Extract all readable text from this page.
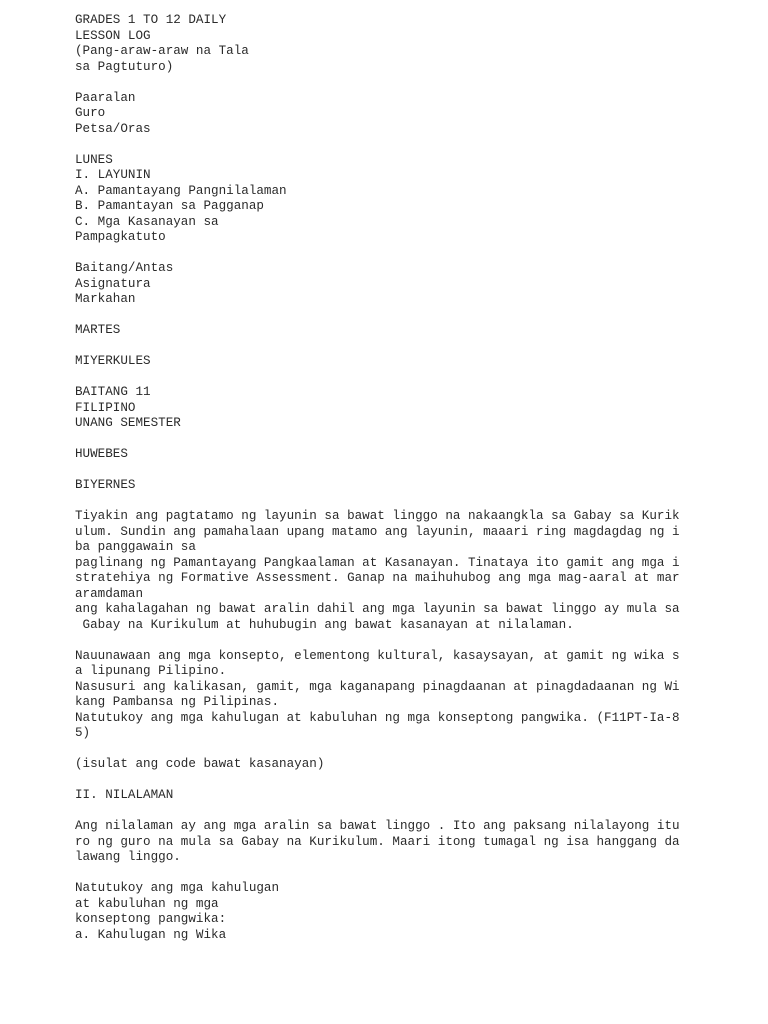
GRADES 1 TO 12 DAILY
LESSON LOG
(Pang-araw-araw na Tala
sa Pagtuturo)
Paaralan
Guro
Petsa/Oras
LUNES
I. LAYUNIN
A. Pamantayang Pangnilalaman
B. Pamantayan sa Pagganap
C. Mga Kasanayan sa
Pampagkatuto
Baitang/Antas
Asignatura
Markahan
MARTES
MIYERKULES
BAITANG 11
FILIPINO
UNANG SEMESTER
HUWEBES
BIYERNES
Tiyakin ang pagtatamo ng layunin sa bawat linggo na nakaangkla sa Gabay sa Kurik
ulum. Sundin ang pamahalaan upang matamo ang layunin, maaari ring magdagdag ng i
ba panggawain sa
paglinang ng Pamantayang Pangkaalaman at Kasanayan. Tinataya ito gamit ang mga i
stratehiya ng Formative Assessment. Ganap na maihuhubog ang mga mag-aaral at mar
aramdaman
ang kahalagahan ng bawat aralin dahil ang mga layunin sa bawat linggo ay mula sa
Gabay na Kurikulum at huhubugin ang bawat kasanayan at nilalaman.
Nauunawaan ang mga konsepto, elementong kultural, kasaysayan, at gamit ng wika s
a lipunang Pilipino.
Nasusuri ang kalikasan, gamit, mga kaganapang pinagdaanan at pinagdadaanan ng Wi
kang Pambansa ng Pilipinas.
Natutukoy ang mga kahulugan at kabuluhan ng mga konseptong pangwika. (F11PT-Ia-8
5)
(isulat ang code bawat kasanayan)
II. NILALAMAN
Ang nilalaman ay ang mga aralin sa bawat linggo . Ito ang paksang nilalayong itu
ro ng guro na mula sa Gabay na Kurikulum. Maari itong tumagal ng isa hanggang da
lawang linggo.
Natutukoy ang mga kahulugan
at kabuluhan ng mga
konseptong pangwika:
a. Kahulugan ng Wika
